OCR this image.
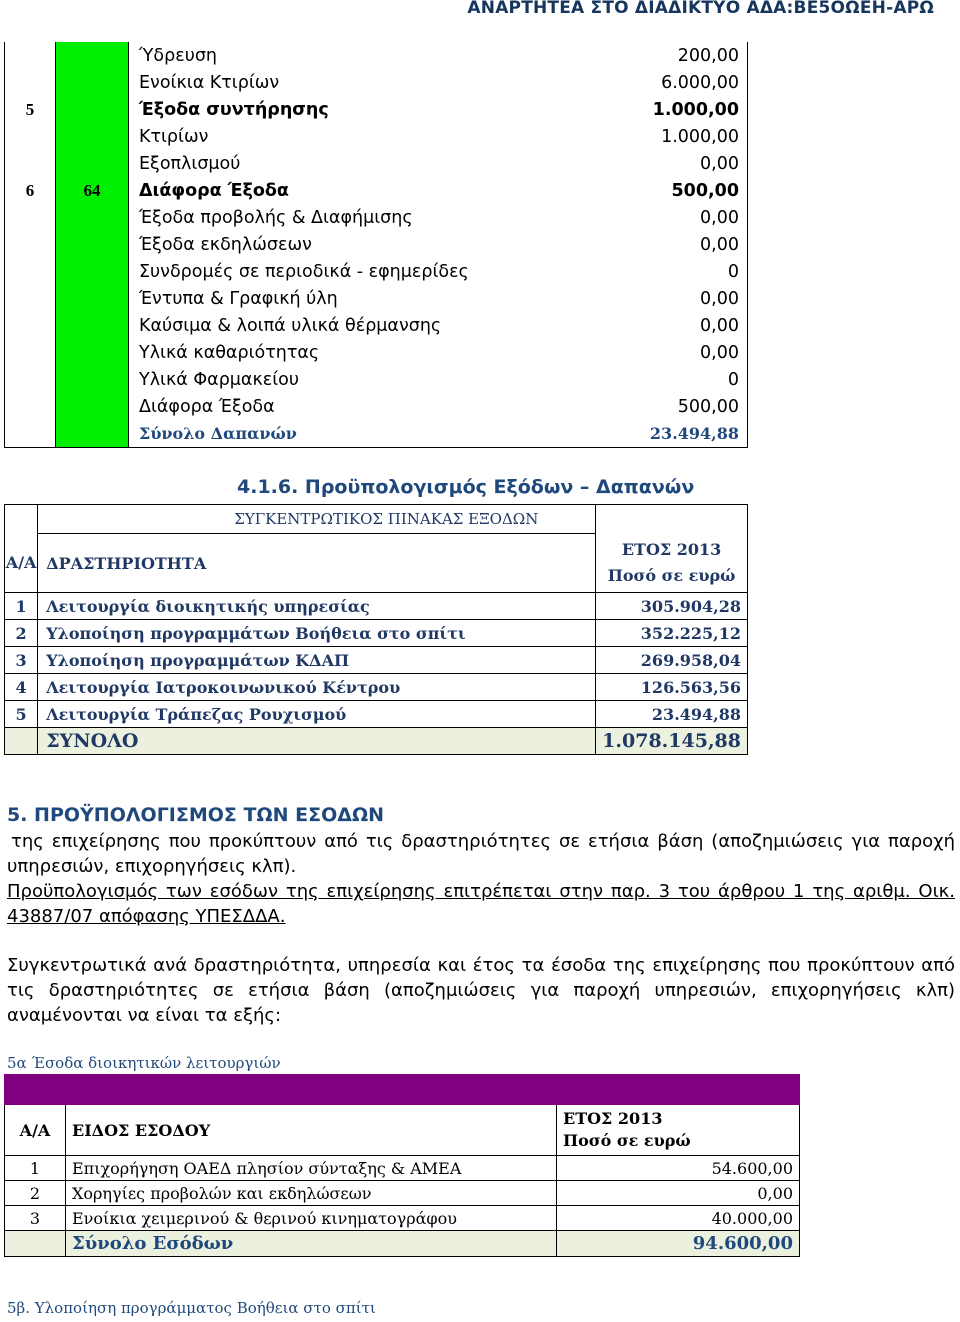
ΑΝΑΡΤΗΤΕΑ ΣΤΟ ΔΙΑΔΙΚΤΥΟ ΑΔΑ:ΒΕ5ΟΩΕΗ-ΑΡΩ
		Ύδρευση	200,00
		Ενοίκια Κτιρίων	6.000,00
5		Έξοδα συντήρησης	1.000,00
		Κτιρίων	1.000,00
		Εξοπλισμού	0,00
6	64	Διάφορα Έξοδα	500,00
		Έξοδα προβολής & Διαφήμισης	0,00
		Έξοδα εκδηλώσεων	0,00
		Συνδρομές σε περιοδικά - εφημερίδες	0
		Έντυπα & Γραφική ύλη	0,00
		Καύσιμα & λοιπά υλικά θέρμανσης	0,00
		Υλικά καθαριότητας	0,00
		Υλικά Φαρμακείου	0
		Διάφορα Έξοδα	500,00
		Σύνολο Δαπανών	23.494,88
4.1.6. Προϋπολογισμός Εξόδων – Δαπανών
	ΣΥΓΚΕΝΤΡΩΤΙΚΟΣ ΠΙΝΑΚΑΣ ΕΞΟΔΩΝ	
Α/Α	ΔΡΑΣΤΗΡΙΟΤΗΤΑ	ΕΤΟΣ 2013
Ποσό σε ευρώ
1	Λειτουργία διοικητικής υπηρεσίας	305.904,28
2	Υλοποίηση προγραμμάτων Βοήθεια στο σπίτι	352.225,12
3	Υλοποίηση προγραμμάτων ΚΔΑΠ	269.958,04
4	Λειτουργία Ιατροκοινωνικού Κέντρου	126.563,56
5	Λειτουργία Τράπεζας Ρουχισμού	23.494,88
	ΣΥΝΟΛΟ	1.078.145,88
5. ΠΡΟΫΠΟΛΟΓΙΣΜΟΣ ΤΩΝ ΕΣΟΔΩΝ
της επιχείρησης που προκύπτουν από τις δραστηριότητες σε ετήσια βάση (αποζημιώσεις για παροχή υπηρεσιών, επιχορηγήσεις κλπ).
Προϋπολογισμός των εσόδων της επιχείρησης επιτρέπεται στην παρ. 3 του άρθρου 1 της αριθμ. Οικ. 43887/07 απόφασης ΥΠΕΣΔΔΑ.
Συγκεντρωτικά ανά δραστηριότητα, υπηρεσία και έτος τα έσοδα της επιχείρησης που προκύπτουν από τις δραστηριότητες σε ετήσια βάση (αποζημιώσεις για παροχή υπηρεσιών, επιχορηγήσεις κλπ) αναμένονται να είναι τα εξής:
5α Έσοδα διοικητικών λειτουργιών

Α/Α	ΕΙΔΟΣ ΕΣΟΔΟΥ	ΕΤΟΣ 2013
Ποσό σε ευρώ
1	Επιχορήγηση ΟΑΕΔ πλησίον σύνταξης & ΑΜΕΑ	54.600,00
2	Χορηγίες προβολών και εκδηλώσεων	0,00
3	Ενοίκια χειμερινού & θερινού κινηματογράφου	40.000,00
	Σύνολο Εσόδων	94.600,00
5β. Υλοποίηση προγράμματος Βοήθεια στο σπίτι
